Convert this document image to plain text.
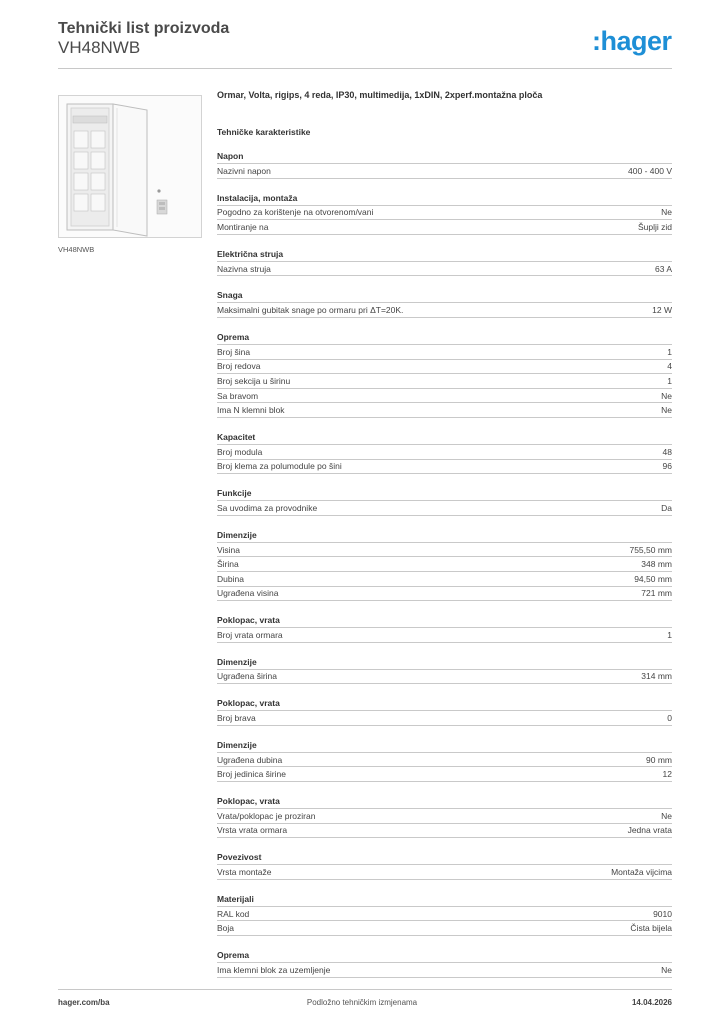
Tehnički list proizvoda
VH48NWB	:hager
VH48NWB
Ormar, Volta, rigips, 4 reda, IP30, multimedija, 1xDIN, 2xperf.montažna ploča
Tehničke karakteristike
Napon
Nazivni napon	400 - 400 V
Instalacija, montaža
Pogodno za korištenje na otvorenom/vani	Ne
Montiranje na	Šuplji zid
Električna struja
Nazivna struja	63 A
Snaga
Maksimalni gubitak snage po ormaru pri ΔT=20K.	12 W
Oprema
Broj šina	1
Broj redova	4
Broj sekcija u širinu	1
Sa bravom	Ne
Ima N klemni blok	Ne
Kapacitet
Broj modula	48
Broj klema za polumodule po šini	96
Funkcije
Sa uvodima za provodnike	Da
Dimenzije
Visina	755,50 mm
Širina	348 mm
Dubina	94,50 mm
Ugrađena visina	721 mm
Poklopac, vrata
Broj vrata ormara	1
Dimenzije
Ugrađena širina	314 mm
Poklopac, vrata
Broj brava	0
Dimenzije
Ugrađena dubina	90 mm
Broj jedinica širine	12
Poklopac, vrata
Vrata/poklopac je proziran	Ne
Vrsta vrata ormara	Jedna vrata
Povezivost
Vrsta montaže	Montaža vijcima
Materijali
RAL kod	9010
Boja	Čista bijela
Oprema
Ima klemni blok za uzemljenje	Ne
hager.com/ba	Podložno tehničkim izmjenama	14.04.2026
